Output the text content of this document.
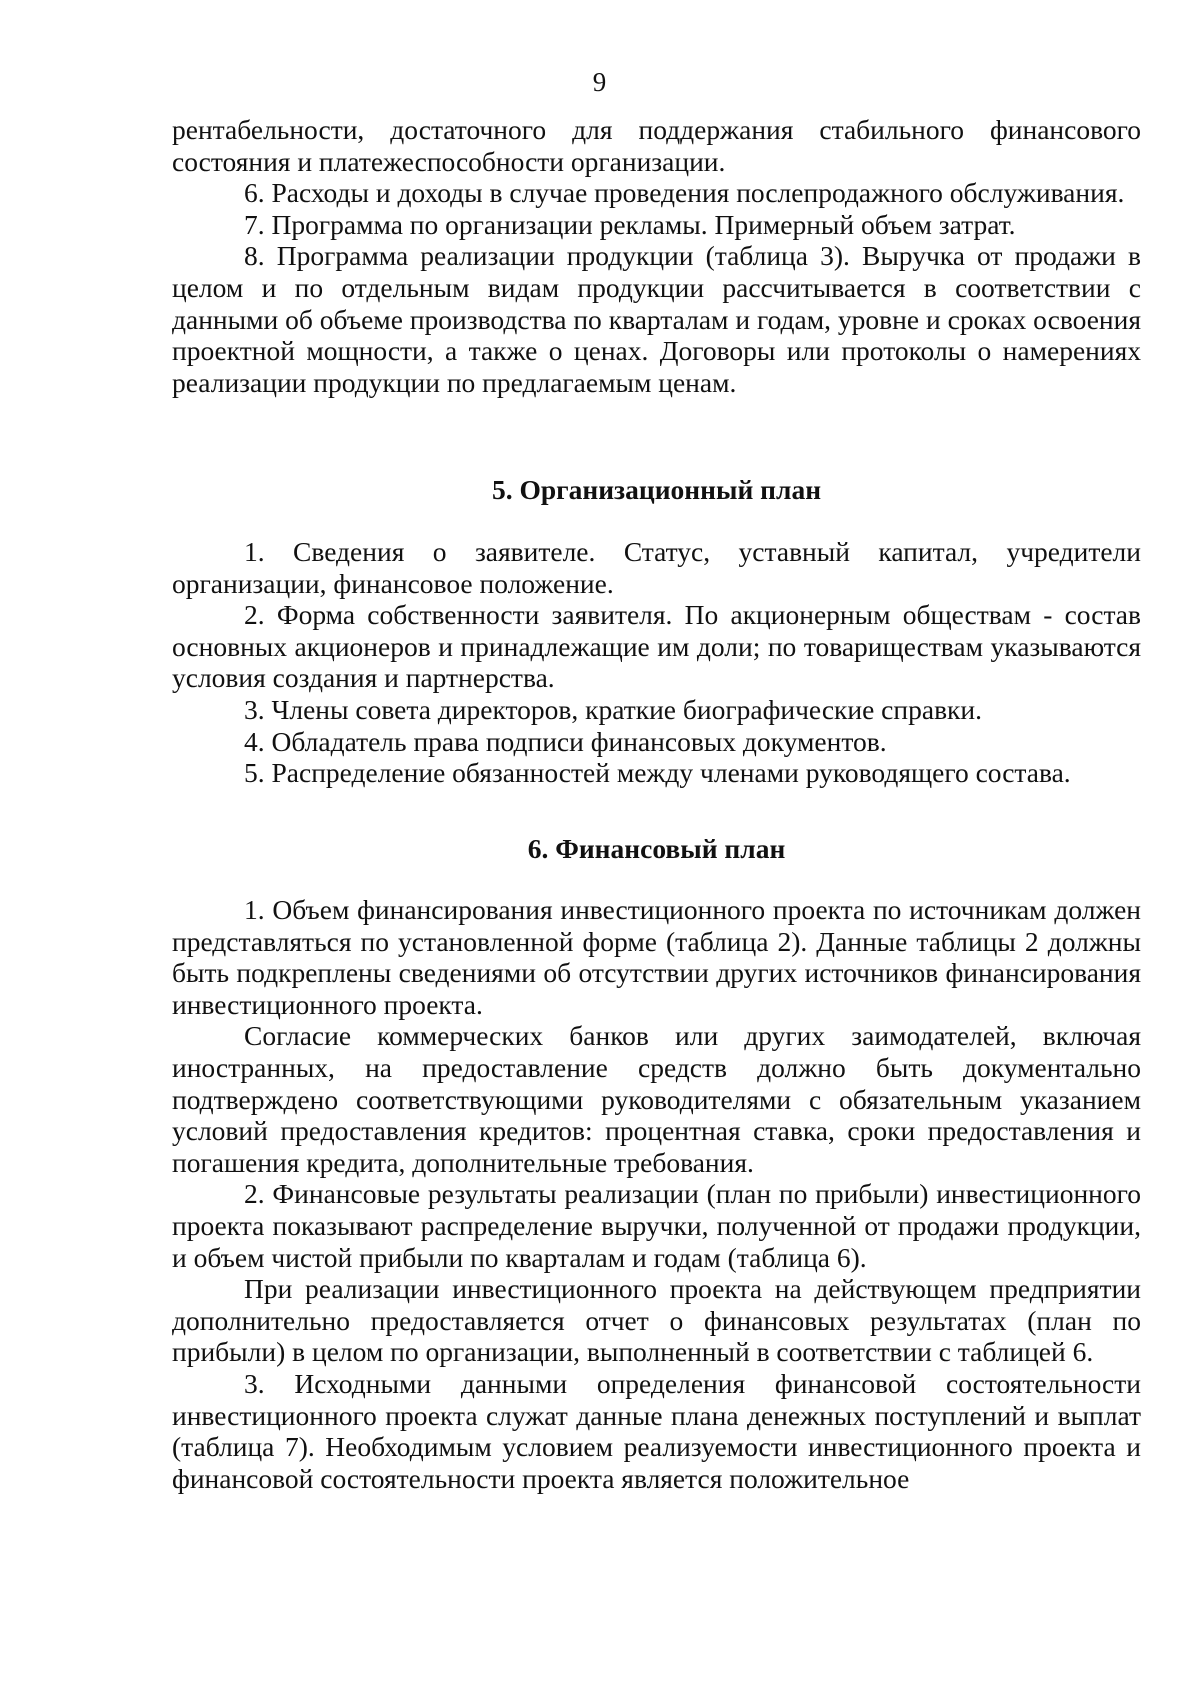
9

рентабельности, достаточного для поддержания стабильного финансового состояния и платежеспособности организации.

6. Расходы и доходы в случае проведения послепродажного обслуживания.

7. Программа по организации рекламы. Примерный объем затрат.

8. Программа реализации продукции (таблица 3). Выручка от продажи в целом и по отдельным видам продукции рассчитывается в соответствии с данными об объеме производства по кварталам и годам, уровне и сроках освоения проектной мощности, а также о ценах. Договоры или протоколы о намерениях реализации продукции по предлагаемым ценам.

5. Организационный план

1. Сведения о заявителе. Статус, уставный капитал, учредители организации, финансовое положение.

2. Форма собственности заявителя. По акционерным обществам - состав основных акционеров и принадлежащие им доли; по товариществам указываются условия создания и партнерства.

3. Члены совета директоров, краткие биографические справки.

4. Обладатель права подписи финансовых документов.

5. Распределение обязанностей между членами руководящего состава.

6. Финансовый план

1. Объем финансирования инвестиционного проекта по источникам должен представляться по установленной форме (таблица 2). Данные таблицы 2 должны быть подкреплены сведениями об отсутствии других источников финансирования инвестиционного проекта.

Согласие коммерческих банков или других заимодателей, включая иностранных, на предоставление средств должно быть документально подтверждено соответствующими руководителями с обязательным указанием условий предоставления кредитов: процентная ставка, сроки предоставления и погашения кредита, дополнительные требования.

2. Финансовые результаты реализации (план по прибыли) инвестиционного проекта показывают распределение выручки, полученной от продажи продукции, и объем чистой прибыли по кварталам и годам (таблица 6).

При реализации инвестиционного проекта на действующем предприятии дополнительно предоставляется отчет о финансовых результатах (план по прибыли) в целом по организации, выполненный в соответствии с таблицей 6.

3. Исходными данными определения финансовой состоятельности инвестиционного проекта служат данные плана денежных поступлений и выплат (таблица 7). Необходимым условием реализуемости инвестиционного проекта и финансовой состоятельности проекта является положительное
